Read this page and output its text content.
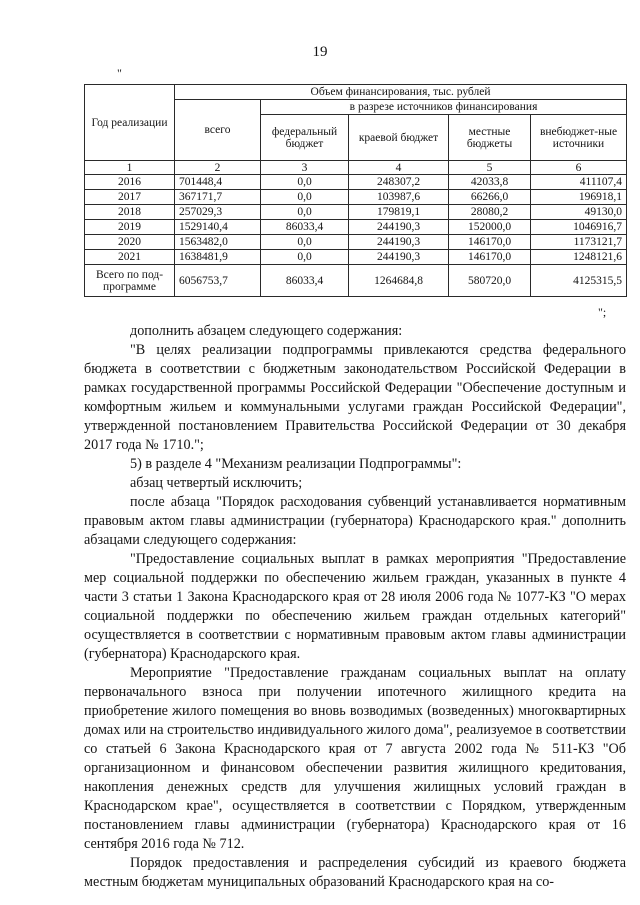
19
"
Год реализации	Объем финансирования, тыс. рублей				
	всего	в разрезе источников финансирования			
		федеральный бюджет	краевой бюджет	местные бюджеты	внебюджет-ные источники
1	2	3	4	5	6
2016	701448,4	0,0	248307,2	42033,8	411107,4
2017	367171,7	0,0	103987,6	66266,0	196918,1
2018	257029,3	0,0	179819,1	28080,2	49130,0
2019	1529140,4	86033,4	244190,3	152000,0	1046916,7
2020	1563482,0	0,0	244190,3	146170,0	1173121,7
2021	1638481,9	0,0	244190,3	146170,0	1248121,6
Всего по под-программе	6056753,7	86033,4	1264684,8	580720,0	4125315,5
";

дополнить абзацем следующего содержания:

"В целях реализации подпрограммы привлекаются средства федерального бюджета в соответствии с бюджетным законодательством Российской Федерации в рамках государственной программы Российской Федерации "Обеспечение доступным и комфортным жильем и коммунальными услугами граждан Российской Федерации", утвержденной постановлением Правительства Российской Федерации от 30 декабря 2017 года № 1710.";

5) в разделе 4 "Механизм реализации Подпрограммы":

абзац четвертый исключить;

после абзаца "Порядок расходования субвенций устанавливается нормативным правовым актом главы администрации (губернатора) Краснодарского края." дополнить абзацами следующего содержания:

"Предоставление социальных выплат в рамках мероприятия "Предоставление мер социальной поддержки по обеспечению жильем граждан, указанных в пункте 4 части 3 статьи 1 Закона Краснодарского края от 28 июля 2006 года № 1077-КЗ "О мерах социальной поддержки по обеспечению жильем граждан отдельных категорий" осуществляется в соответствии с нормативным правовым актом главы администрации (губернатора) Краснодарского края.

Мероприятие "Предоставление гражданам социальных выплат на оплату первоначального взноса при получении ипотечного жилищного кредита на приобретение жилого помещения во вновь возводимых (возведенных) многоквартирных домах или на строительство индивидуального жилого дома", реализуемое в соответствии со статьей 6 Закона Краснодарского края от 7 августа 2002 года № 511-КЗ "Об организационном и финансовом обеспечении развития жилищного кредитования, накопления денежных средств для улучшения жилищных условий граждан в Краснодарском крае", осуществляется в соответствии с Порядком, утвержденным постановлением главы администрации (губернатора) Краснодарского края от 16 сентября 2016 года № 712.

Порядок предоставления и распределения субсидий из краевого бюджета местным бюджетам муниципальных образований Краснодарского края на со-
